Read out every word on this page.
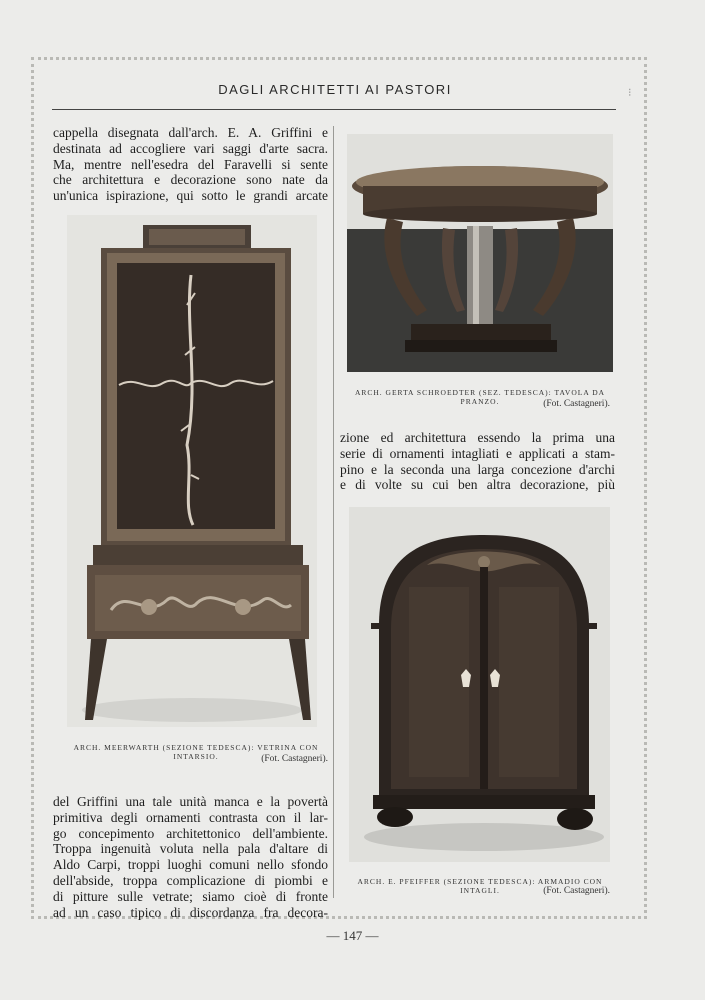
⁝
DAGLI ARCHITETTI AI PASTORI

cappella disegnata dall'arch. E. A. Griffini e
destinata ad accogliere vari saggi d'arte sacra.
Ma, mentre nell'esedra del Faravelli si sente
che architettura e decorazione sono nate da
un'unica ispirazione, qui sotto le grandi arcate

ARCH. MEERWARTH (SEZIONE TEDESCA): VETRINA CON INTARSIO.	(Fot. Castagneri).

del Griffini una tale unità manca e la povertà
primitiva degli ornamenti contrasta con il lar-
go concepimento architettonico dell'ambiente.
Troppa ingenuità voluta nella pala d'altare di
Aldo Carpi, troppi luoghi comuni nello sfondo
dell'abside, troppa complicazione di piombi e
di pitture sulle vetrate; siamo cioè di fronte
ad un caso tipico di discordanza fra decora-

ARCH. GERTA SCHROEDTER (SEZ. TEDESCA): TAVOLA DA PRANZO.	(Fot. Castagneri).

zione ed architettura essendo la prima una
serie di ornamenti intagliati e applicati a stam-
pino e la seconda una larga concezione d'archi
e di volte su cui ben altra decorazione, più

ARCH. E. PFEIFFER (SEZIONE TEDESCA): ARMADIO CON INTAGLI.	(Fot. Castagneri).
— 147 —
